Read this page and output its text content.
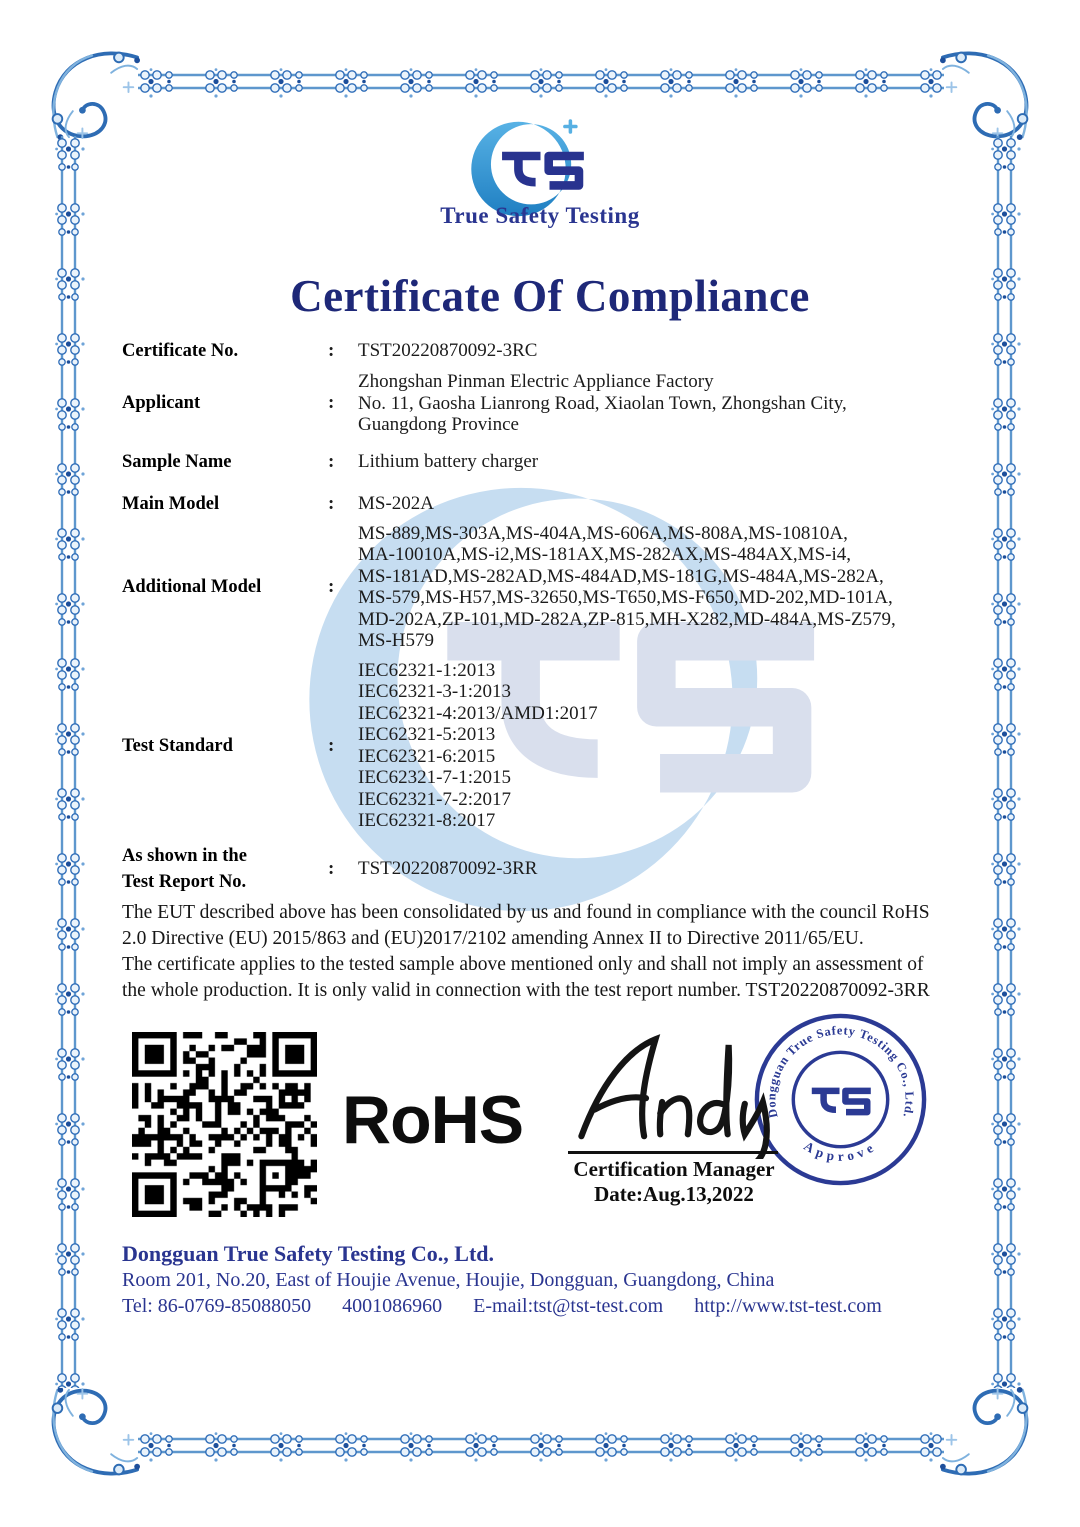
True Safety Testing
Certificate Of Compliance
Certificate No.	:	TST20220870092-3RC
Applicant	:
Zhongshan Pinman Electric Appliance Factory
No. 11, Gaosha Lianrong Road, Xiaolan Town, Zhongshan City,
Guangdong Province
Sample Name	:	Lithium battery charger
Main Model	:	MS-202A
Additional Model	:
MS-889,MS-303A,MS-404A,MS-606A,MS-808A,MS-10810A,
MA-10010A,MS-i2,MS-181AX,MS-282AX,MS-484AX,MS-i4,
MS-181AD,MS-282AD,MS-484AD,MS-181G,MS-484A,MS-282A,
MS-579,MS-H57,MS-32650,MS-T650,MS-F650,MD-202,MD-101A,
MD-202A,ZP-101,MD-282A,ZP-815,MH-X282,MD-484A,MS-Z579,
MS-H579
Test Standard	:
IEC62321-1:2013
IEC62321-3-1:2013
IEC62321-4:2013/AMD1:2017
IEC62321-5:2013
IEC62321-6:2015
IEC62321-7-1:2015
IEC62321-7-2:2017
IEC62321-8:2017
As shown in the
Test Report No.
:	TST20220870092-3RR
The EUT described above has been consolidated by us and found in compliance with the council RoHS
2.0 Directive (EU) 2015/863 and (EU)2017/2102 amending Annex II to Directive 2011/65/EU.
The certificate applies to the tested sample above mentioned only and shall not imply an assessment of
the whole production. It is only valid in connection with the test report number. TST20220870092-3RR
RoHS	Dongguan True Safety Testing Co., Ltd.
Approve
Certification Manager
Date:Aug.13,2022
Dongguan True Safety Testing Co., Ltd.
Room 201, No.20, East of Houjie Avenue, Houjie, Dongguan, Guangdong, China
Tel: 86-0769-85088050 4001086960 E-mail:tst@tst-test.com http://www.tst-test.com
